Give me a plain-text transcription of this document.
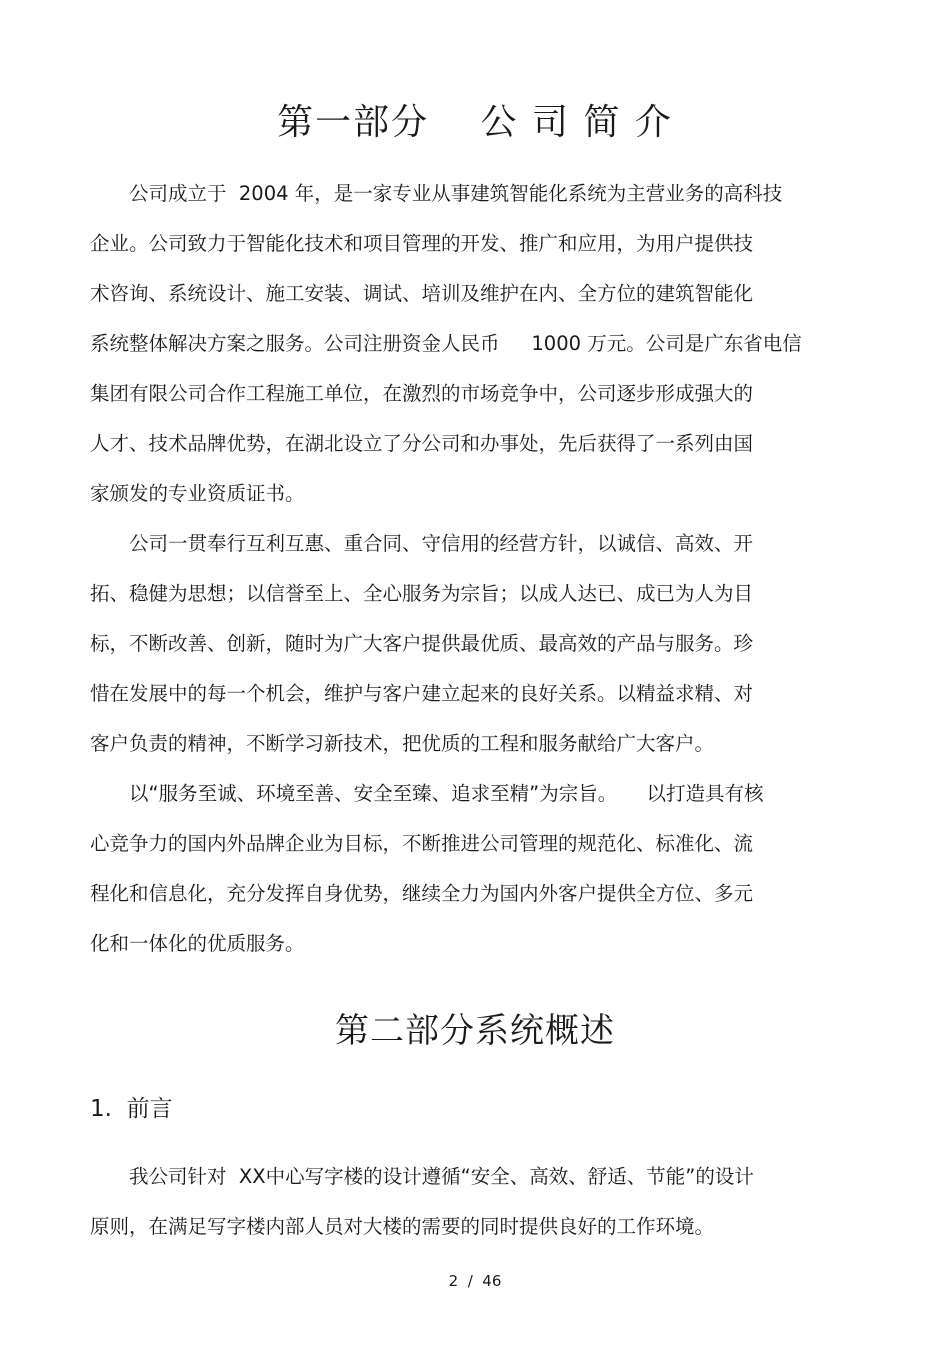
第一部分　 公 司 简 介
　　公司成立于  2004 年，是一家专业从事建筑智能化系统为主营业务的高科技
企业。公司致力于智能化技术和项目管理的开发、推广和应用，为用户提供技
术咨询、系统设计、施工安装、调试、培训及维护在内、全方位的建筑智能化
系统整体解决方案之服务。公司注册资金人民币　  1000 万元。公司是广东省电信
集团有限公司合作工程施工单位，在激烈的市场竞争中，公司逐步形成强大的
人才、技术品牌优势，在湖北设立了分公司和办事处，先后获得了一系列由国
家颁发的专业资质证书。
　　公司一贯奉行互利互惠、重合同、守信用的经营方针，以诚信、高效、开
拓、稳健为思想；以信誉至上、全心服务为宗旨；以成人达已、成已为人为目
标，不断改善、创新，随时为广大客户提供最优质、最高效的产品与服务。珍
惜在发展中的每一个机会，维护与客户建立起来的良好关系。以精益求精、对
客户负责的精神，不断学习新技术，把优质的工程和服务献给广大客户。
　　以“服务至诚、环境至善、安全至臻、追求至精”为宗旨。　　以打造具有核
心竞争力的国内外品牌企业为目标，不断推进公司管理的规范化、标准化、流
程化和信息化，充分发挥自身优势，继续全力为国内外客户提供全方位、多元
化和一体化的优质服务。
第二部分系统概述
1.  前言
　　我公司针对  XX中心写字楼的设计遵循“安全、高效、舒适、节能”的设计
原则，在满足写字楼内部人员对大楼的需要的同时提供良好的工作环境。
2  /  46
